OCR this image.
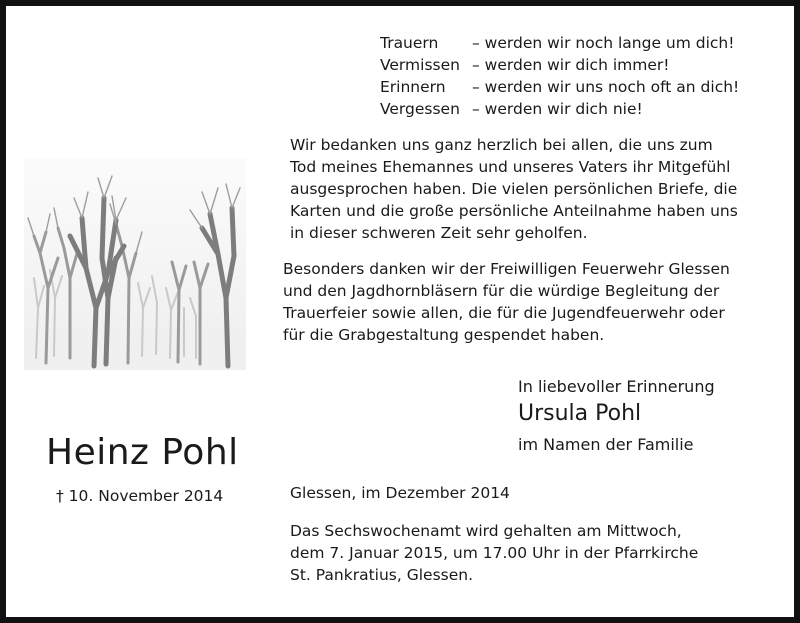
Trauern	– werden wir noch lange um dich!
Vermissen – werden wir dich immer!
Erinnern	– werden wir uns noch oft an dich!
Vergessen – werden wir dich nie!
Wir bedanken uns ganz herzlich bei allen, die uns zum
Tod meines Ehemannes und unseres Vaters ihr Mitgefühl
ausgesprochen haben. Die vielen persönlichen Briefe, die
Karten und die große persönliche Anteilnahme haben uns
in dieser schweren Zeit sehr geholfen.
Besonders danken wir der Freiwilligen Feuerwehr Glessen
und den Jagdhornbläsern für die würdige Begleitung der
Trauerfeier sowie allen, die für die Jugendfeuerwehr oder
für die Grabgestaltung gespendet haben.
In liebevoller Erinnerung
Ursula Pohl
im Namen der Familie
Heinz Pohl
† 10. November 2014	Glessen, im Dezember 2014
Das Sechswochenamt wird gehalten am Mittwoch,
dem 7. Januar 2015, um 17.00 Uhr in der Pfarrkirche
St. Pankratius, Glessen.
